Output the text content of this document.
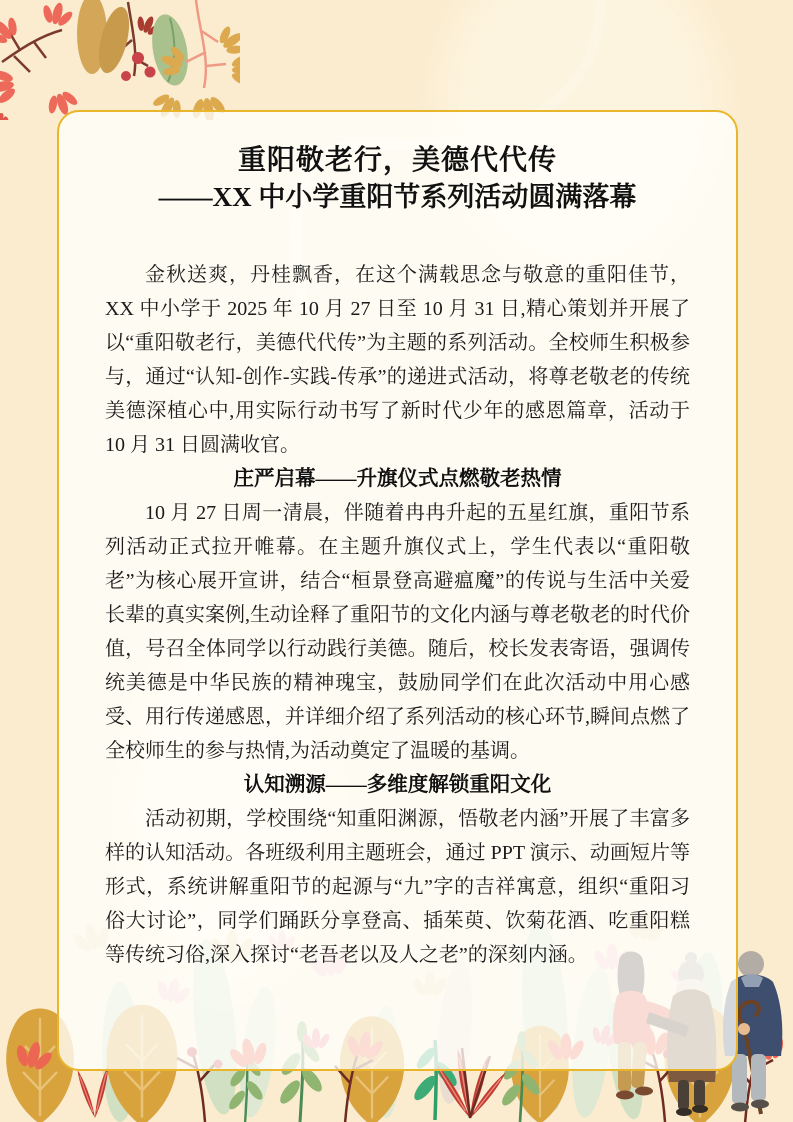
重阳敬老行，美德代代传
——XX 中小学重阳节系列活动圆满落幕

金秋送爽，丹桂飘香，在这个满载思念与敬意的重阳佳节，XX 中小学于 2025 年 10 月 27 日至 10 月 31 日,精心策划并开展了以“重阳敬老行，美德代代传”为主题的系列活动。全校师生积极参与，通过“认知-创作-实践-传承”的递进式活动，将尊老敬老的传统美德深植心中,用实际行动书写了新时代少年的感恩篇章，活动于 10 月 31 日圆满收官。

庄严启幕——升旗仪式点燃敬老热情

10 月 27 日周一清晨，伴随着冉冉升起的五星红旗，重阳节系列活动正式拉开帷幕。在主题升旗仪式上，学生代表以“重阳敬老”为核心展开宣讲，结合“桓景登高避瘟魔”的传说与生活中关爱长辈的真实案例,生动诠释了重阳节的文化内涵与尊老敬老的时代价值，号召全体同学以行动践行美德。随后，校长发表寄语，强调传统美德是中华民族的精神瑰宝，鼓励同学们在此次活动中用心感受、用行传递感恩，并详细介绍了系列活动的核心环节,瞬间点燃了全校师生的参与热情,为活动奠定了温暖的基调。

认知溯源——多维度解锁重阳文化

活动初期，学校围绕“知重阳渊源，悟敬老内涵”开展了丰富多样的认知活动。各班级利用主题班会，通过 PPT 演示、动画短片等形式，系统讲解重阳节的起源与“九”字的吉祥寓意，组织“重阳习俗大讨论”，同学们踊跃分享登高、插茱萸、饮菊花酒、吃重阳糕等传统习俗,深入探讨“老吾老以及人之老”的深刻内涵。
